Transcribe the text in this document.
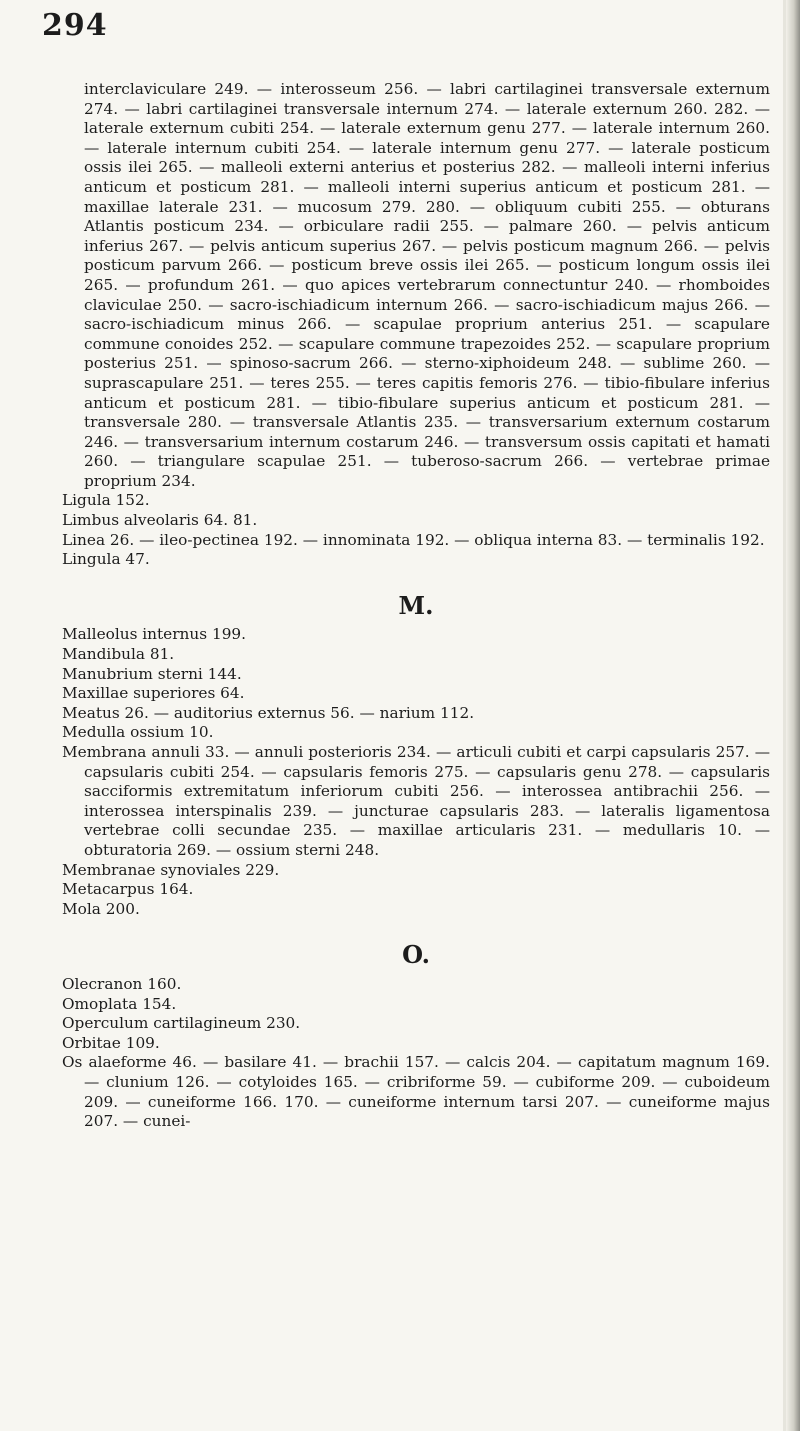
294

interclaviculare 249. — interosseum 256. — labri cartilaginei transversale externum 274. — labri cartilaginei transversale internum 274. — laterale externum 260. 282. — laterale externum cubiti 254. — laterale externum genu 277. — laterale internum 260. — laterale internum cubiti 254. — laterale internum genu 277. — laterale posticum ossis ilei 265. — malleoli externi anterius et posterius 282. — malleoli interni inferius anticum et posticum 281. — malleoli interni superius anticum et posticum 281. — maxillae laterale 231. — mucosum 279. 280. — obliquum cubiti 255. — obturans Atlantis posticum 234. — orbiculare radii 255. — palmare 260. — pelvis anticum inferius 267. — pelvis anticum superius 267. — pelvis posticum magnum 266. — pelvis posticum parvum 266. — posticum breve ossis ilei 265. — posticum longum ossis ilei 265. — profundum 261. — quo apices vertebrarum connectuntur 240. — rhomboides claviculae 250. — sacro-ischiadicum internum 266. — sacro-ischiadicum majus 266. — sacro-ischiadicum minus 266. — scapulae proprium anterius 251. — scapulare commune conoides 252. — scapulare commune trapezoides 252. — scapulare proprium posterius 251. — spinoso-sacrum 266. — sterno-xiphoideum 248. — sublime 260. — suprascapulare 251. — teres 255. — teres capitis femoris 276. — tibio-fibulare inferius anticum et posticum 281. — tibio-fibulare superius anticum et posticum 281. — transversale 280. — transversale Atlantis 235. — transversarium externum costarum 246. — transversarium internum costarum 246. — transversum ossis capitati et hamati 260. — triangulare scapulae 251. — tuberoso-sacrum 266. — vertebrae primae proprium 234.

Ligula 152.

Limbus alveolaris 64. 81.

Linea 26. — ileo-pectinea 192. — innominata 192. — obliqua interna 83. — terminalis 192.

Lingula 47.

M.

Malleolus internus 199.

Mandibula 81.

Manubrium sterni 144.

Maxillae superiores 64.

Meatus 26. — auditorius externus 56. — narium 112.

Medulla ossium 10.

Membrana annuli 33. — annuli posterioris 234. — articuli cubiti et carpi capsularis 257. — capsularis cubiti 254. — capsularis femoris 275. — capsularis genu 278. — capsularis sacciformis extremitatum inferiorum cubiti 256. — interossea antibrachii 256. — interossea interspinalis 239. — juncturae capsularis 283. — lateralis ligamentosa vertebrae colli secundae 235. — maxillae articularis 231. — medullaris 10. — obturatoria 269. — ossium sterni 248.

Membranae synoviales 229.

Metacarpus 164.

Mola 200.

O.

Olecranon 160.

Omoplata 154.

Operculum cartilagineum 230.

Orbitae 109.

Os alaeforme 46. — basilare 41. — brachii 157. — calcis 204. — capitatum magnum 169. — clunium 126. — cotyloides 165. — cribriforme 59. — cubiforme 209. — cuboideum 209. — cuneiforme 166. 170. — cuneiforme internum tarsi 207. — cuneiforme majus 207. — cunei-
